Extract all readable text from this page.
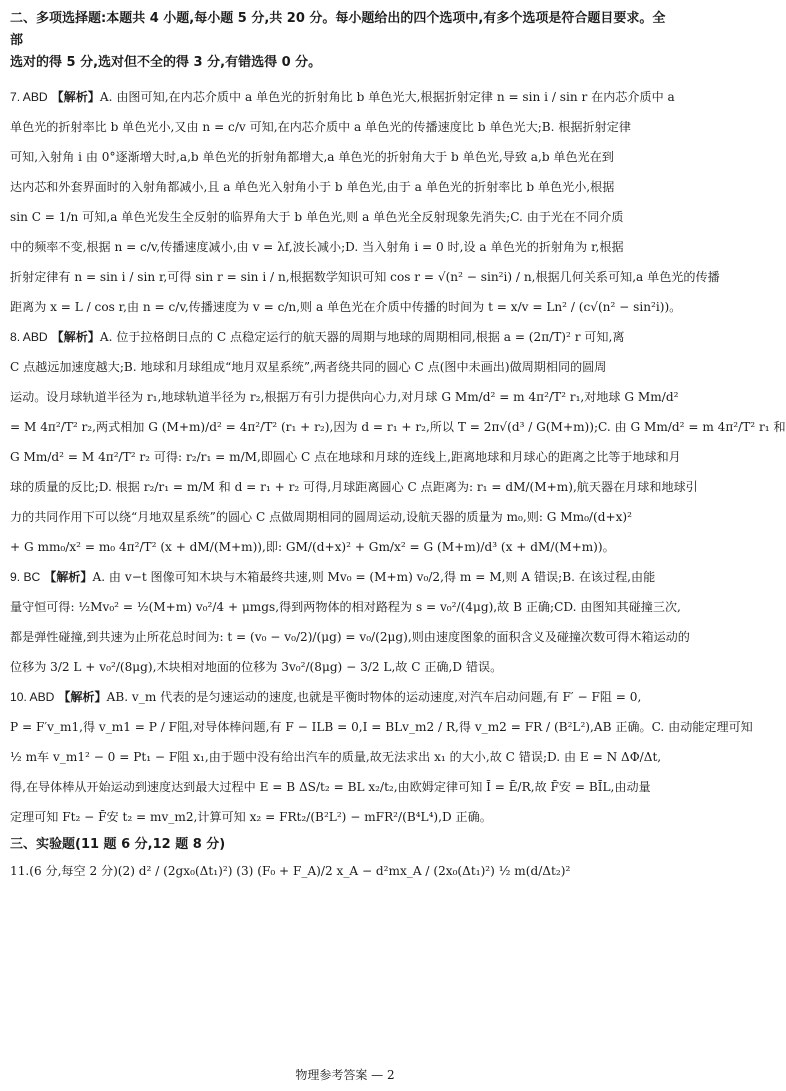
二、多项选择题:本题共 4 小题,每小题 5 分,共 20 分。每小题给出的四个选项中,有多个选项是符合题目要求。全部

选对的得 5 分,选对但不全的得 3 分,有错选得 0 分。

7. ABD 【解析】A. 由图可知,在内芯介质中 a 单色光的折射角比 b 单色光大,根据折射定律 n = sin i / sin r 在内芯介质中 a
单色光的折射率比 b 单色光小,又由 n = c/v 可知,在内芯介质中 a 单色光的传播速度比 b 单色光大;B. 根据折射定律
可知,入射角 i 由 0°逐渐增大时,a,b 单色光的折射角都增大,a 单色光的折射角大于 b 单色光,导致 a,b 单色光在到
达内芯和外套界面时的入射角都减小,且 a 单色光入射角小于 b 单色光,由于 a 单色光的折射率比 b 单色光小,根据
sin C = 1/n 可知,a 单色光发生全反射的临界角大于 b 单色光,则 a 单色光全反射现象先消失;C. 由于光在不同介质
中的频率不变,根据 n = c/v,传播速度减小,由 v = λf,波长减小;D. 当入射角 i = 0 时,设 a 单色光的折射角为 r,根据
折射定律有 n = sin i / sin r,可得 sin r = sin i / n,根据数学知识可知 cos r = √(n² − sin²i) / n,根据几何关系可知,a 单色光的传播
距离为 x = L / cos r,由 n = c/v,传播速度为 v = c/n,则 a 单色光在介质中传播的时间为 t = x/v = Ln² / (c√(n² − sin²i))。
8. ABD 【解析】A. 位于拉格朗日点的 C 点稳定运行的航天器的周期与地球的周期相同,根据 a = (2π/T)² r 可知,离
C 点越远加速度越大;B. 地球和月球组成“地月双星系统”,两者绕共同的圆心 C 点(图中未画出)做周期相同的圆周
运动。设月球轨道半径为 r₁,地球轨道半径为 r₂,根据万有引力提供向心力,对月球 G Mm/d² = m 4π²/T² r₁,对地球 G Mm/d²
= M 4π²/T² r₂,两式相加 G (M+m)/d² = 4π²/T² (r₁ + r₂),因为 d = r₁ + r₂,所以 T = 2π√(d³ / G(M+m));C. 由 G Mm/d² = m 4π²/T² r₁ 和
G Mm/d² = M 4π²/T² r₂ 可得: r₂/r₁ = m/M,即圆心 C 点在地球和月球的连线上,距离地球和月球心的距离之比等于地球和月
球的质量的反比;D. 根据 r₂/r₁ = m/M 和 d = r₁ + r₂ 可得,月球距离圆心 C 点距离为: r₁ = dM/(M+m),航天器在月球和地球引
力的共同作用下可以绕“月地双星系统”的圆心 C 点做周期相同的圆周运动,设航天器的质量为 m₀,则: G Mm₀/(d+x)²
+ G mm₀/x² = m₀ 4π²/T² (x + dM/(M+m)),即: GM/(d+x)² + Gm/x² = G (M+m)/d³ (x + dM/(M+m))。
9. BC 【解析】A. 由 v−t 图像可知木块与木箱最终共速,则 Mv₀ = (M+m) v₀/2,得 m = M,则 A 错误;B. 在该过程,由能
量守恒可得: ½Mv₀² = ½(M+m) v₀²/4 + μmgs,得到两物体的相对路程为 s = v₀²/(4μg),故 B 正确;CD. 由图知其碰撞三次,
都是弹性碰撞,到共速为止所花总时间为: t = (v₀ − v₀/2)/(μg) = v₀/(2μg),则由速度图象的面积含义及碰撞次数可得木箱运动的
位移为 3/2 L + v₀²/(8μg),木块相对地面的位移为 3v₀²/(8μg) − 3/2 L,故 C 正确,D 错误。
10. ABD 【解析】AB. v_m 代表的是匀速运动的速度,也就是平衡时物体的运动速度,对汽车启动问题,有 F′ − F阻 = 0,
P = F′v_m1,得 v_m1 = P / F阻,对导体棒问题,有 F − ILB = 0,I = BLv_m2 / R,得 v_m2 = FR / (B²L²),AB 正确。C. 由动能定理可知
½ m车 v_m1² − 0 = Pt₁ − F阻 x₁,由于题中没有给出汽车的质量,故无法求出 x₁ 的大小,故 C 错误;D. 由 E = N ΔΦ/Δt,
得,在导体棒从开始运动到速度达到最大过程中 E = B ΔS/t₂ = BL x₂/t₂,由欧姆定律可知 Ī = Ē/R,故 F̄安 = BĪL,由动量
定理可知 Ft₂ − F̄安 t₂ = mv_m2,计算可知 x₂ = FRt₂/(B²L²) − mFR²/(B⁴L⁴),D 正确。

三、实验题(11 题 6 分,12 题 8 分)

11.(6 分,每空 2 分)(2) d² / (2gx₀(Δt₁)²) (3) (F₀ + F_A)/2 x_A − d²mx_A / (2x₀(Δt₁)²) ½ m(d/Δt₂)²

物理参考答案 — 2
